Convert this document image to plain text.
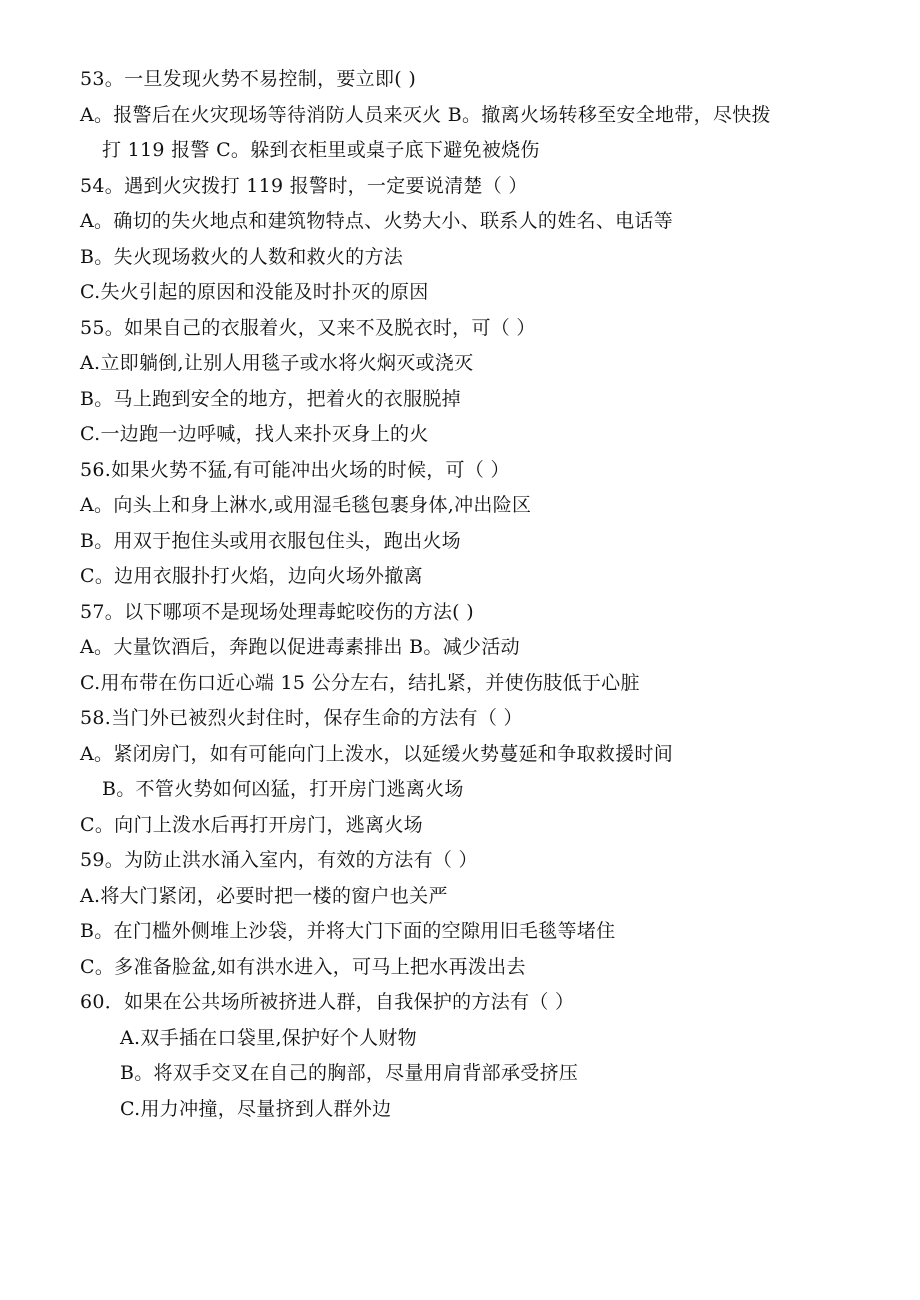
53。一旦发现火势不易控制，要立即( )
A。报警后在火灾现场等待消防人员来灭火 B。撤离火场转移至安全地带，尽快拨
打 119 报警 C。躲到衣柜里或桌子底下避免被烧伤
54。遇到火灾拨打 119 报警时，一定要说清楚（ ）
A。确切的失火地点和建筑物特点、火势大小、联系人的姓名、电话等
B。失火现场救火的人数和救火的方法
C.失火引起的原因和没能及时扑灭的原因
55。如果自己的衣服着火，又来不及脱衣时，可（ ）
A.立即躺倒,让别人用毯子或水将火焖灭或浇灭
B。马上跑到安全的地方，把着火的衣服脱掉
C.一边跑一边呼喊，找人来扑灭身上的火
56.如果火势不猛,有可能冲出火场的时候，可（ ）
A。向头上和身上淋水,或用湿毛毯包裹身体,冲出险区
B。用双于抱住头或用衣服包住头，跑出火场
C。边用衣服扑打火焰，边向火场外撤离
57。以下哪项不是现场处理毒蛇咬伤的方法( )
A。大量饮酒后，奔跑以促进毒素排出 B。减少活动
C.用布带在伤口近心端 15 公分左右，结扎紧，并使伤肢低于心脏
58.当门外已被烈火封住时，保存生命的方法有（ ）
A。紧闭房门，如有可能向门上泼水，以延缓火势蔓延和争取救援时间
B。不管火势如何凶猛，打开房门逃离火场
C。向门上泼水后再打开房门，逃离火场
59。为防止洪水涌入室内，有效的方法有（ ）
A.将大门紧闭，必要时把一楼的窗户也关严
B。在门槛外侧堆上沙袋，并将大门下面的空隙用旧毛毯等堵住
C。多准备脸盆,如有洪水进入，可马上把水再泼出去
60．如果在公共场所被挤进人群，自我保护的方法有（ ）
A.双手插在口袋里,保护好个人财物
B。将双手交叉在自己的胸部，尽量用肩背部承受挤压
C.用力冲撞，尽量挤到人群外边
